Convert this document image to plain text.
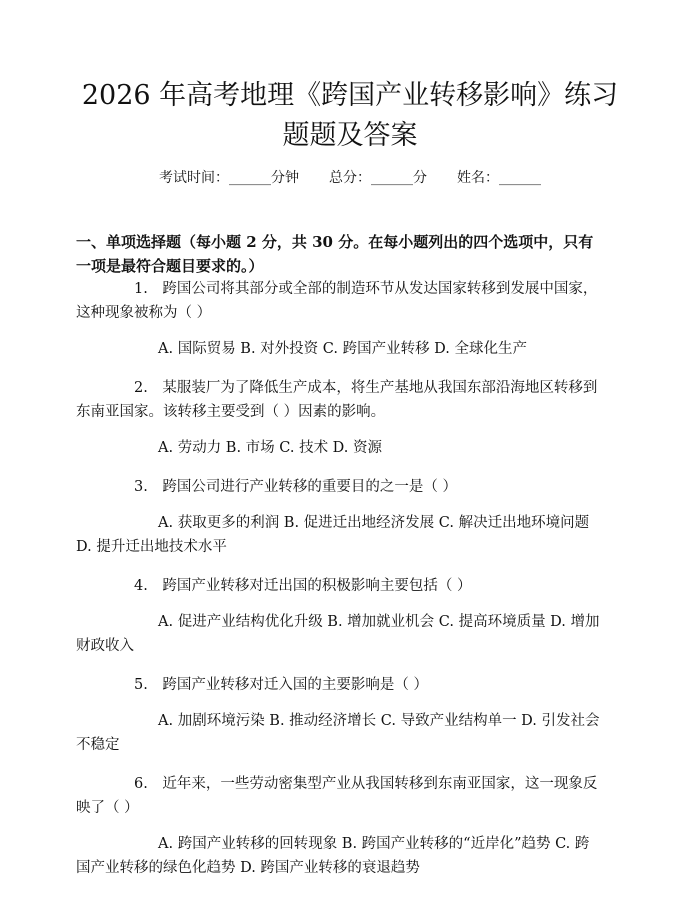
2026 年高考地理《跨国产业转移影响》练习
题题及答案
考试时间：______分钟 总分：______分 姓名：______
一、单项选择题（每小题 2 分，共 30 分。在每小题列出的四个选项中，只有一项是最符合题目要求的。）

1.　跨国公司将其部分或全部的制造环节从发达国家转移到发展中国家，这种现象被称为（ ）

A. 国际贸易 B. 对外投资 C. 跨国产业转移 D. 全球化生产

2.　某服装厂为了降低生产成本，将生产基地从我国东部沿海地区转移到东南亚国家。该转移主要受到（ ）因素的影响。

A. 劳动力 B. 市场 C. 技术 D. 资源

3.　跨国公司进行产业转移的重要目的之一是（ ）

A. 获取更多的利润 B. 促进迁出地经济发展 C. 解决迁出地环境问题 D. 提升迁出地技术水平

4.　跨国产业转移对迁出国的积极影响主要包括（ ）

A. 促进产业结构优化升级 B. 增加就业机会 C. 提高环境质量 D. 增加财政收入

5.　跨国产业转移对迁入国的主要影响是（ ）

A. 加剧环境污染 B. 推动经济增长 C. 导致产业结构单一 D. 引发社会不稳定

6.　近年来，一些劳动密集型产业从我国转移到东南亚国家，这一现象反映了（ ）

A. 跨国产业转移的回转现象 B. 跨国产业转移的“近岸化”趋势 C. 跨国产业转移的绿色化趋势 D. 跨国产业转移的衰退趋势
